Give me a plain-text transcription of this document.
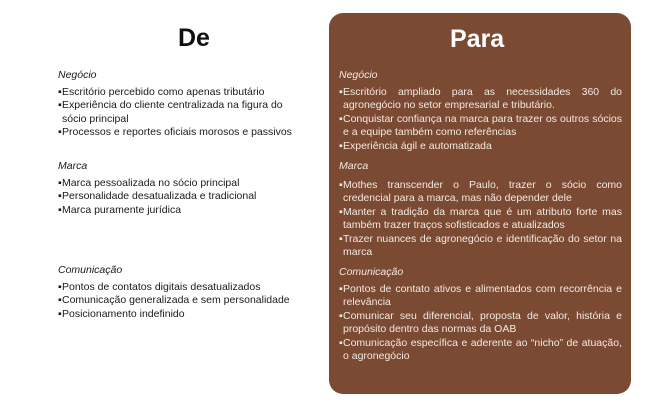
De
Negócio
▪ Escritório percebido como apenas tributário
▪ Experiência do cliente centralizada na figura do sócio principal
▪ Processos e reportes oficiais morosos e passivos
Marca
▪ Marca pessoalizada no sócio principal
▪ Personalidade desatualizada e tradicional
▪ Marca puramente jurídica
Comunicação
▪ Pontos de contatos digitais desatualizados
▪ Comunicação generalizada e sem personalidade
▪ Posicionamento indefinido
Para
Negócio
▪ Escritório ampliado para as necessidades 360 do agronegócio no setor empresarial e tributário.
▪ Conquistar confiança na marca para trazer os outros sócios e a equipe também como referências
▪ Experiência ágil e automatizada
Marca
▪ Mothes transcender o Paulo, trazer o sócio como credencial para a marca, mas não depender dele
▪ Manter a tradição da marca que é um atributo forte mas também trazer traços sofisticados e atualizados
▪ Trazer nuances de agronegócio e identificação do setor na marca
Comunicação
▪ Pontos de contato ativos e alimentados com recorrência e relevância
▪ Comunicar seu diferencial, proposta de valor, história e propósito dentro das normas da OAB
▪ Comunicação específica e aderente ao “nicho” de atuação, o agronegócio
